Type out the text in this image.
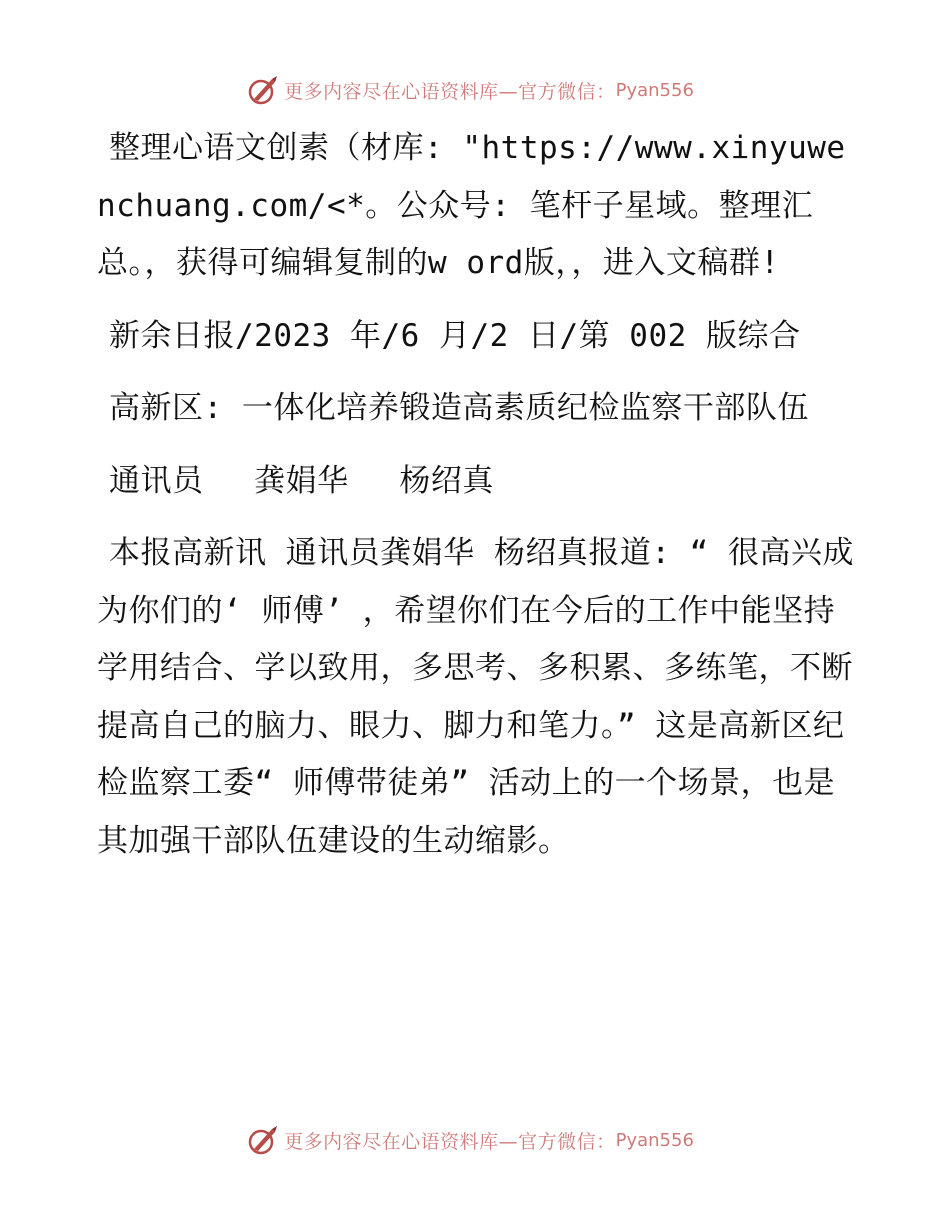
更多内容尽在心语资料库—官方微信： Pyan556

整理心语文创素（材库: "https://www.xinyuwenchuang.com/<*。公众号: 笔杆子星域。整理汇总。，获得可编辑复制的w ord版，，进入文稿群!

新余日报/2023 年/6 月/2 日/第 002 版综合

高新区: 一体化培养锻造高素质纪检监察干部队伍

通讯员　 龚娟华　 杨绍真

本报高新讯 通讯员龚娟华 杨绍真报道: “ 很高兴成为你们的‘ 师傅’ ，希望你们在今后的工作中能坚持学用结合、学以致用，多思考、多积累、多练笔，不断提高自己的脑力、眼力、脚力和笔力。” 这是高新区纪检监察工委“ 师傅带徒弟” 活动上的一个场景，也是其加强干部队伍建设的生动缩影。

更多内容尽在心语资料库—官方微信： Pyan556
